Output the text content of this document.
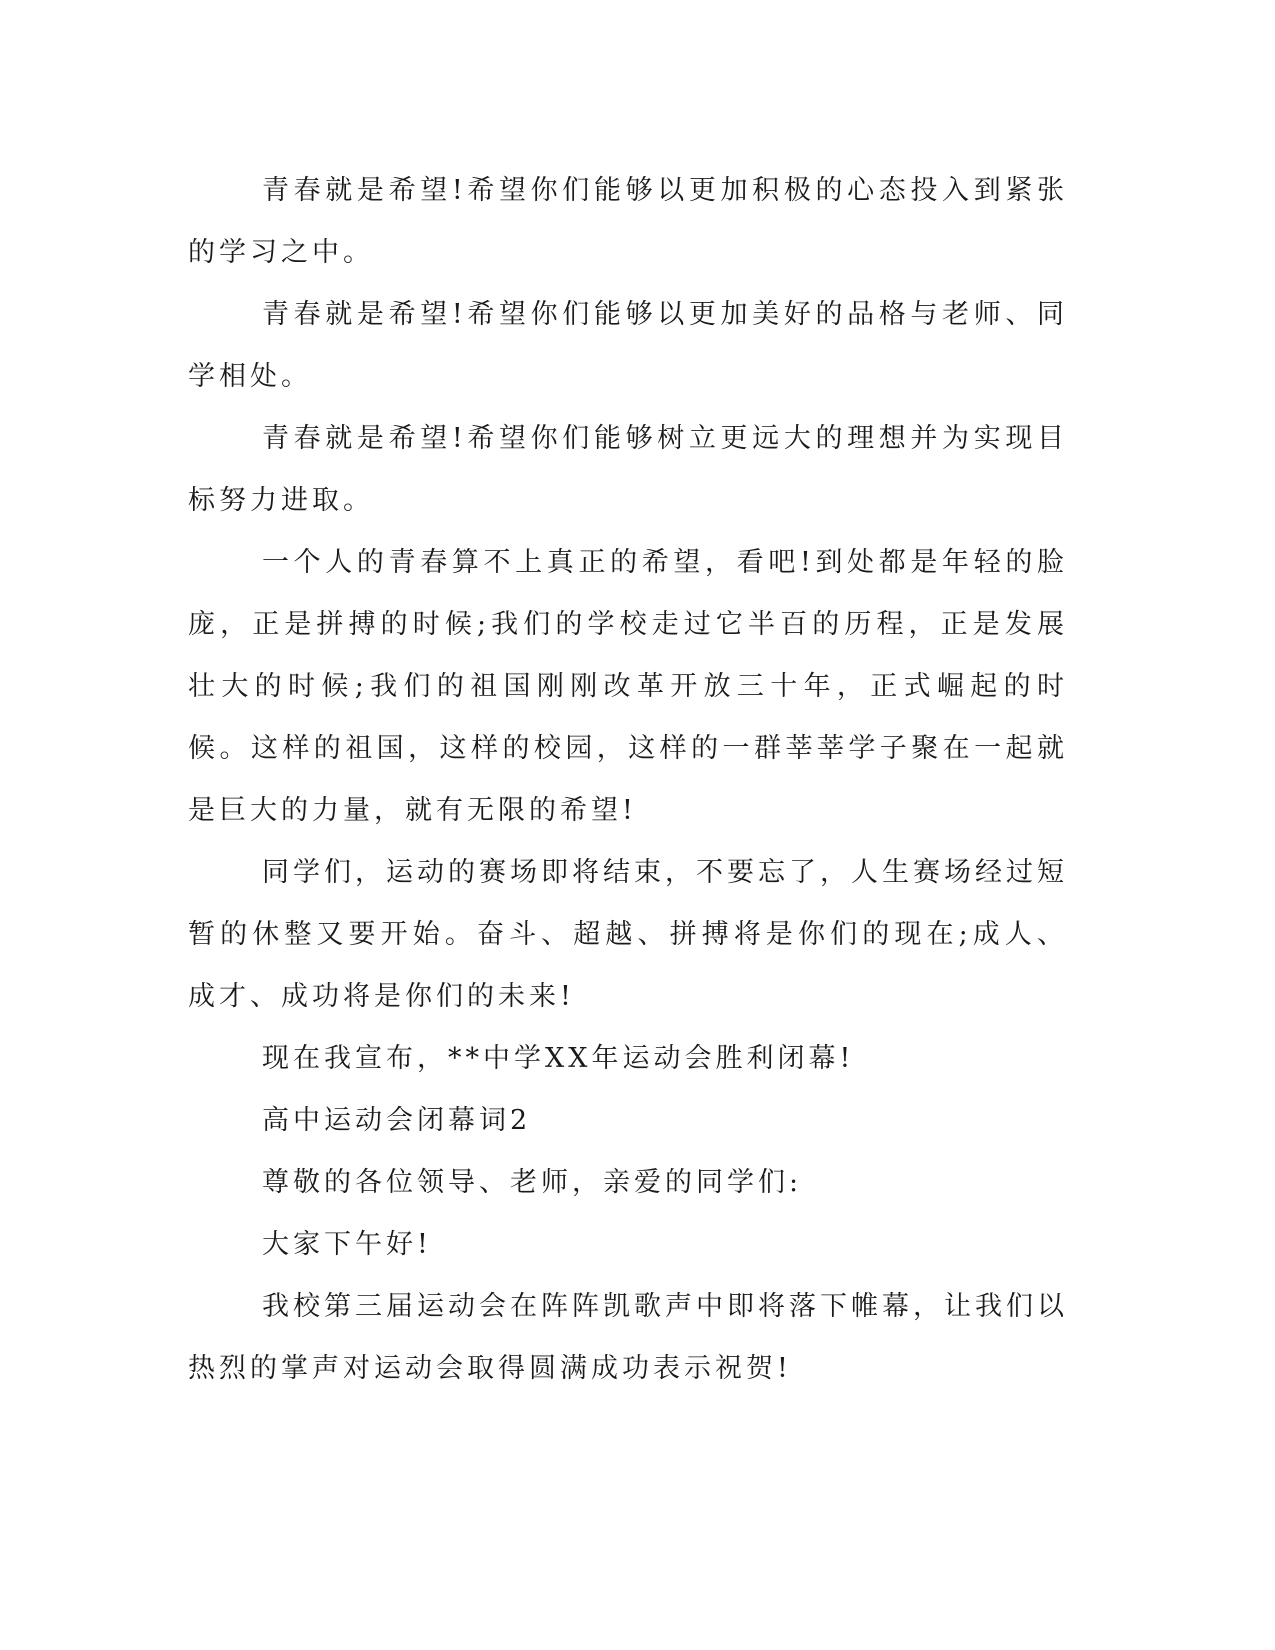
青春就是希望!希望你们能够以更加积极的心态投入到紧张的学习之中。

青春就是希望!希望你们能够以更加美好的品格与老师、同学相处。

青春就是希望!希望你们能够树立更远大的理想并为实现目标努力进取。

一个人的青春算不上真正的希望，看吧!到处都是年轻的脸庞，正是拼搏的时候;我们的学校走过它半百的历程，正是发展壮大的时候;我们的祖国刚刚改革开放三十年，正式崛起的时候。这样的祖国，这样的校园，这样的一群莘莘学子聚在一起就是巨大的力量，就有无限的希望!

同学们，运动的赛场即将结束，不要忘了，人生赛场经过短暂的休整又要开始。奋斗、超越、拼搏将是你们的现在;成人、成才、成功将是你们的未来!

现在我宣布，**中学XX年运动会胜利闭幕!

高中运动会闭幕词2

尊敬的各位领导、老师，亲爱的同学们:

大家下午好!

我校第三届运动会在阵阵凯歌声中即将落下帷幕，让我们以热烈的掌声对运动会取得圆满成功表示祝贺!
